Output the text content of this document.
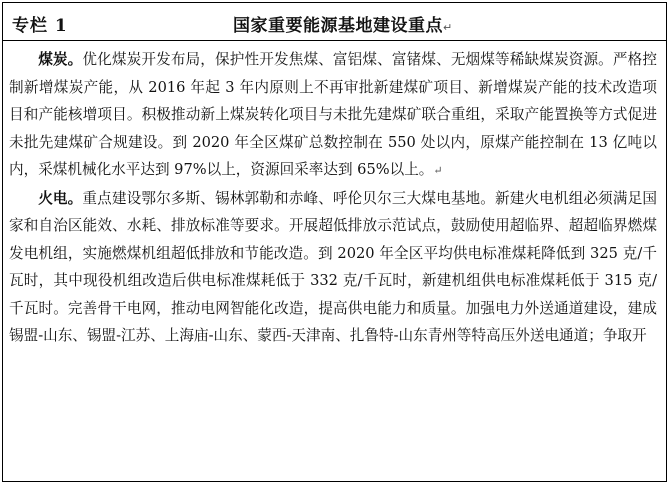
专栏 1	国家重要能源基地建设重点↵

煤炭。优化煤炭开发布局，保护性开发焦煤、富铝煤、富锗煤、无烟煤等稀缺煤炭资源。严格控制新增煤炭产能，从 2016 年起 3 年内原则上不再审批新建煤矿项目、新增煤炭产能的技术改造项目和产能核增项目。积极推动新上煤炭转化项目与未批先建煤矿联合重组，采取产能置换等方式促进未批先建煤矿合规建设。到 2020 年全区煤矿总数控制在 550 处以内，原煤产能控制在 13 亿吨以内，采煤机械化水平达到 97%以上，资源回采率达到 65%以上。↵

火电。重点建设鄂尔多斯、锡林郭勒和赤峰、呼伦贝尔三大煤电基地。新建火电机组必须满足国家和自治区能效、水耗、排放标准等要求。开展超低排放示范试点，鼓励使用超临界、超超临界燃煤发电机组，实施燃煤机组超低排放和节能改造。到 2020 年全区平均供电标准煤耗降低到 325 克/千瓦时，其中现役机组改造后供电标准煤耗低于 332 克/千瓦时，新建机组供电标准煤耗低于 315 克/千瓦时。完善骨干电网，推动电网智能化改造，提高供电能力和质量。加强电力外送通道建设，建成锡盟-山东、锡盟-江苏、上海庙-山东、蒙西-天津南、扎鲁特-山东青州等特高压外送电通道；争取开
